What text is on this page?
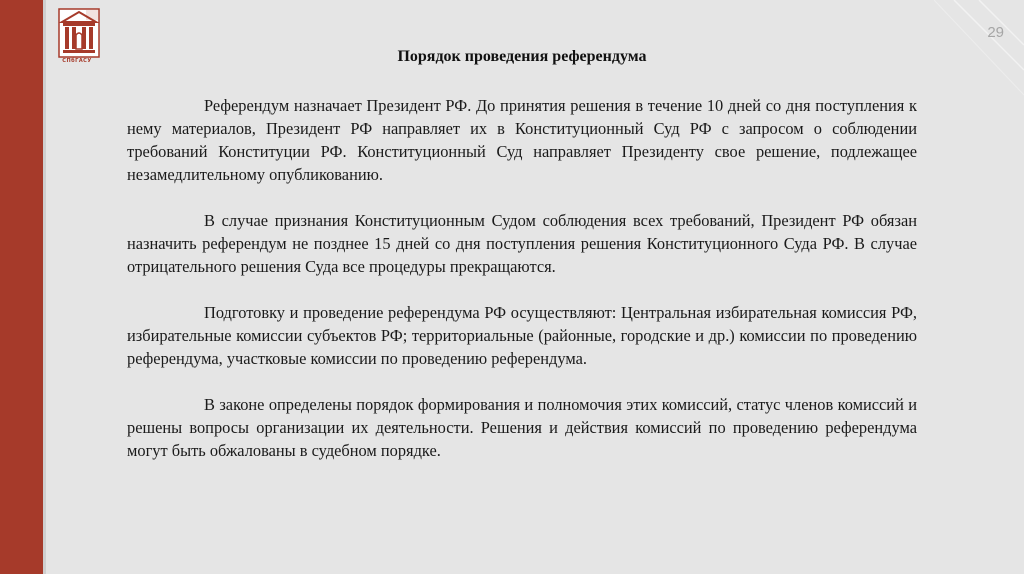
СПбГАСУ
29
Порядок проведения референдума

Референдум назначает Президент РФ. До принятия решения в течение 10 дней со дня поступления к нему материалов, Президент РФ направляет их в Конституционный Суд РФ с запросом о соблюдении требований Конституции РФ. Конституционный Суд направляет Президенту свое решение, подлежащее незамедлительному опубликованию.

В случае признания Конституционным Судом соблюдения всех требований, Президент РФ обязан назначить референдум не позднее 15 дней со дня поступления решения Конституционного Суда РФ. В случае отрицательного решения Суда все процедуры прекращаются.

Подготовку и проведение референдума РФ осуществляют: Центральная избирательная комиссия РФ, избирательные комиссии субъектов РФ; территориальные (районные, городские и др.) комиссии по проведению референдума, участковые комиссии по проведению референдума.

В законе определены порядок формирования и полномочия этих комиссий, статус членов комиссий и решены вопросы организации их деятельности. Решения и действия комиссий по проведению референдума могут быть обжалованы в судебном порядке.
